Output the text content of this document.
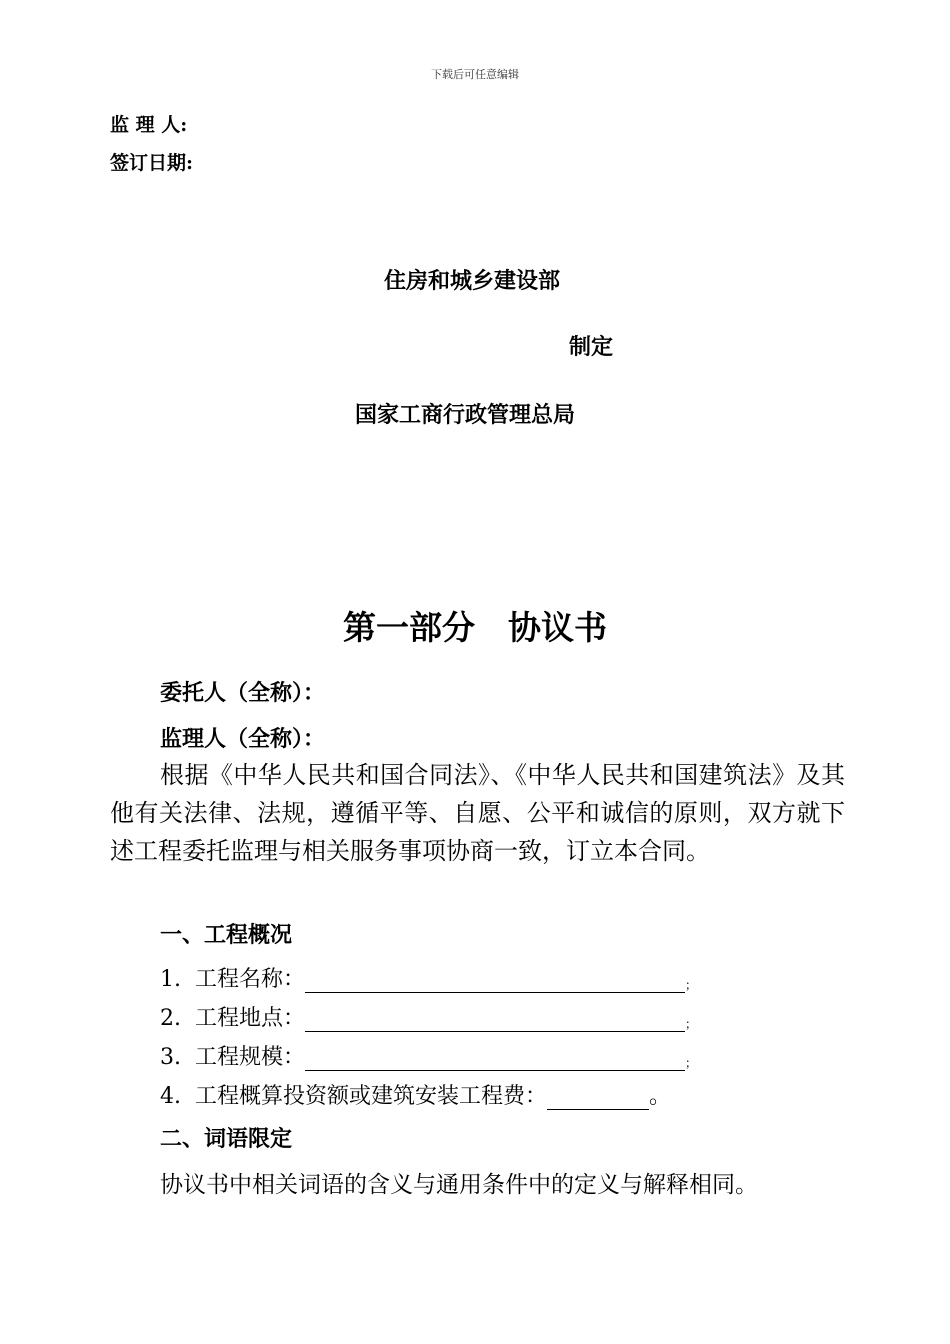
下载后可任意编辑
监 理 人:
签订日期:
住房和城乡建设部
制定
国家工商行政管理总局
第一部分　协议书
委托人（全称）：
监理人（全称）：
根据《中华人民共和国合同法》、《中华人民共和国建筑法》及其他有关法律、法规，遵循平等、自愿、公平和诚信的原则，双方就下述工程委托监理与相关服务事项协商一致，订立本合同。
一、工程概况
1. 工程名称：	；
2. 工程地点：	；
3. 工程规模：	；
4. 工程概算投资额或建筑安装工程费：	。
二、词语限定
协议书中相关词语的含义与通用条件中的定义与解释相同。
